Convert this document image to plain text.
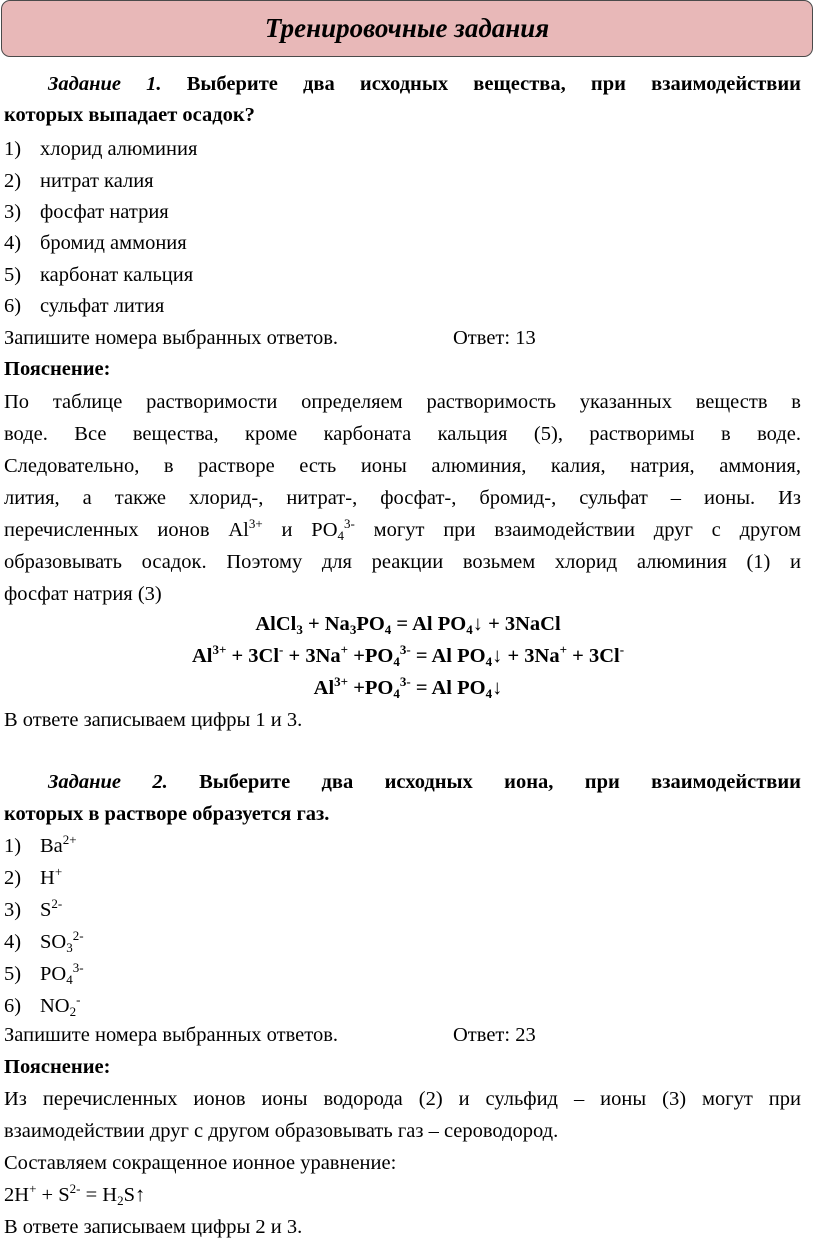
Тренировочные задания
Задание 1. Выберите два исходных вещества, при взаимодействии
которых выпадает осадок?
1) хлорид алюминия
2) нитрат калия
3) фосфат натрия
4) бромид аммония
5) карбонат кальция
6) сульфат лития
Запишите номера выбранных ответов.	Ответ: 13
Пояснение:
По таблице растворимости определяем растворимость указанных веществ в
воде. Все вещества, кроме карбоната кальция (5), растворимы в воде.
Следовательно, в растворе есть ионы алюминия, калия, натрия, аммония,
лития, а также хлорид-, нитрат-, фосфат-, бромид-, сульфат – ионы. Из
перечисленных ионов $Al^{3+}$ и $PO_4^{3-}$ могут при взаимодействии друг с другом
образовывать осадок. Поэтому для реакции возьмем хлорид алюминия (1) и
фосфат натрия (3)
AlCl$_3$ + $Na_3PO_4 = Al$ $PO_4↓$ + 3NaCl
$Al^{3+} + 3Cl^- + 3Na^+ +PO_4^{3-} = Al$ $PO_4↓ + 3Na^+ + 3Cl^-$
$Al^{3+} +PO_4^{3-} = Al$ $PO_4↓$
В ответе записываем цифры 1 и 3.
Задание 2. Выберите два исходных иона, при взаимодействии
которых в растворе образуется газ.
1) $Ba^{2+}$
2) H+
3) $S^{2-}$
4) $SO_3^{2-}$
5) $PO_4^{3-}$
6) $NO_2^-$
Запишите номера выбранных ответов.	Ответ: 23
Пояснение:
Из перечисленных ионов ионы водорода (2) и сульфид – ионы (3) могут при
взаимодействии друг с другом образовывать газ – сероводород.
Составляем сокращенное ионное уравнение:
$2H^+ + S^{2-}$ = $H_2S↑$
В ответе записываем цифры 2 и 3.
